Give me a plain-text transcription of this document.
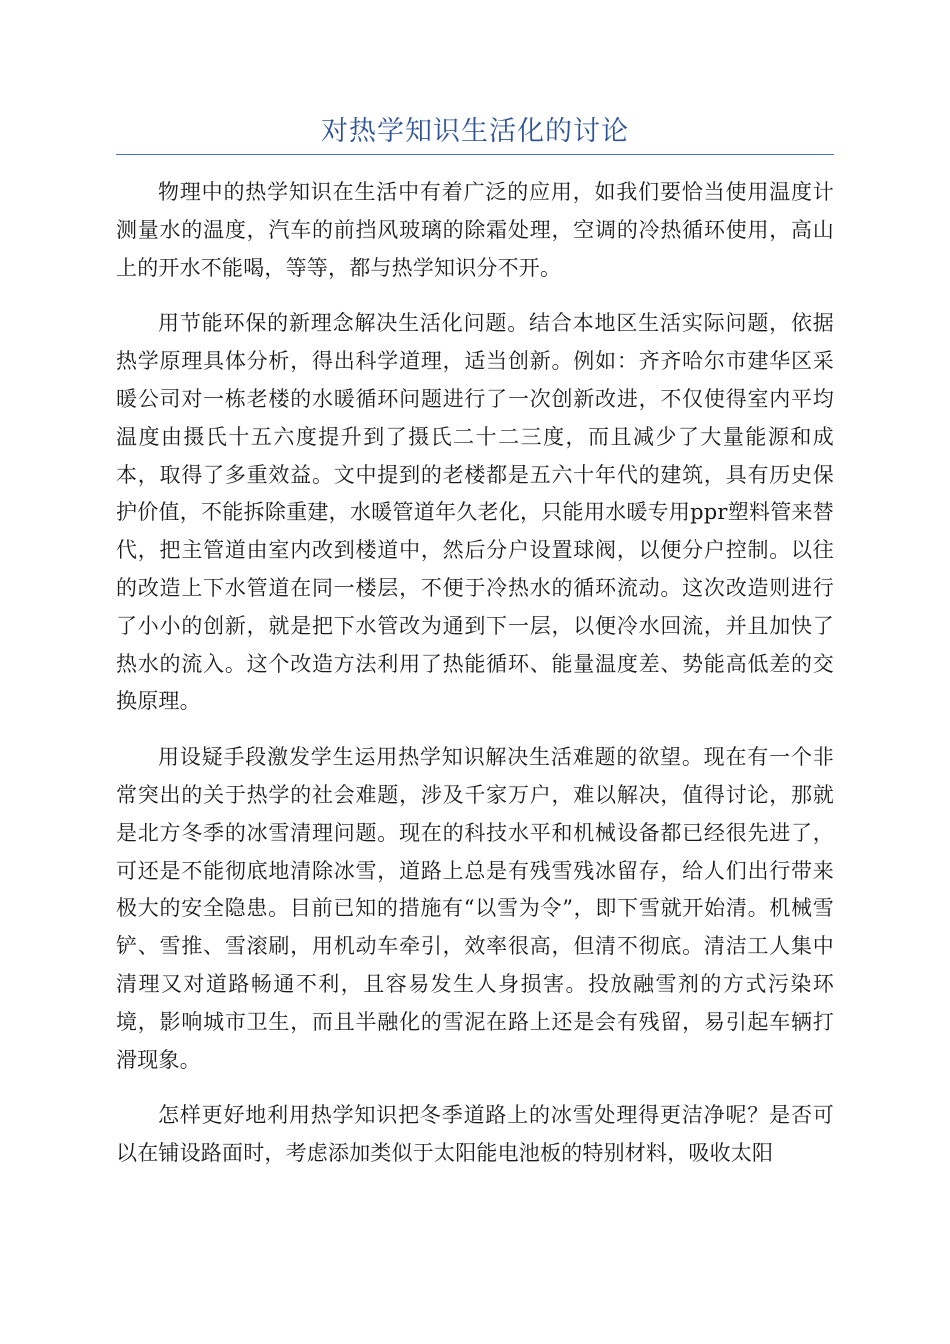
对热学知识生活化的讨论

物理中的热学知识在生活中有着广泛的应用，如我们要恰当使用温度计测量水的温度，汽车的前挡风玻璃的除霜处理，空调的冷热循环使用，高山上的开水不能喝，等等，都与热学知识分不开。

用节能环保的新理念解决生活化问题。结合本地区生活实际问题，依据热学原理具体分析，得出科学道理，适当创新。例如：齐齐哈尔市建华区采暖公司对一栋老楼的水暖循环问题进行了一次创新改进，不仅使得室内平均温度由摄氏十五六度提升到了摄氏二十二三度，而且减少了大量能源和成本，取得了多重效益。文中提到的老楼都是五六十年代的建筑，具有历史保护价值，不能拆除重建，水暖管道年久老化，只能用水暖专用ppr塑料管来替代，把主管道由室内改到楼道中，然后分户设置球阀，以便分户控制。以往的改造上下水管道在同一楼层，不便于冷热水的循环流动。这次改造则进行了小小的创新，就是把下水管改为通到下一层，以便冷水回流，并且加快了热水的流入。这个改造方法利用了热能循环、能量温度差、势能高低差的交换原理。

用设疑手段激发学生运用热学知识解决生活难题的欲望。现在有一个非常突出的关于热学的社会难题，涉及千家万户，难以解决，值得讨论，那就是北方冬季的冰雪清理问题。现在的科技水平和机械设备都已经很先进了，可还是不能彻底地清除冰雪，道路上总是有残雪残冰留存，给人们出行带来极大的安全隐患。目前已知的措施有“以雪为令”，即下雪就开始清。机械雪铲、雪推、雪滚刷，用机动车牵引，效率很高，但清不彻底。清洁工人集中清理又对道路畅通不利，且容易发生人身损害。投放融雪剂的方式污染环境，影响城市卫生，而且半融化的雪泥在路上还是会有残留，易引起车辆打滑现象。

怎样更好地利用热学知识把冬季道路上的冰雪处理得更洁净呢？是否可以在铺设路面时，考虑添加类似于太阳能电池板的特别材料，吸收太阳
